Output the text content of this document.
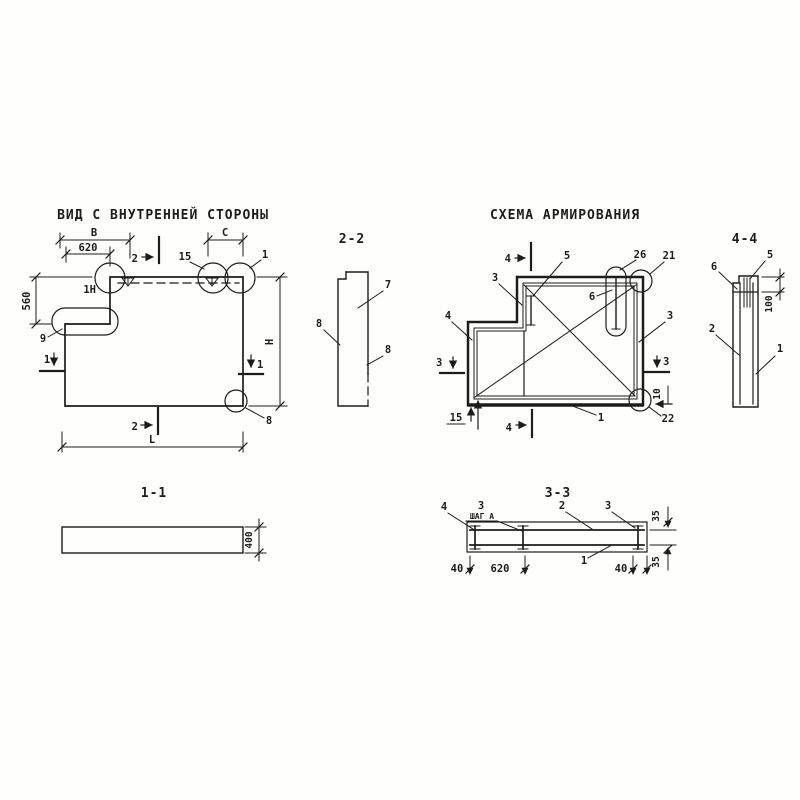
ВИД С ВНУТРЕННЕЙ СТОРОНЫ
В
620
С
560
Н
L
2
2
1	1
1Н
15	1
8
9
2-2
7
8
8
СХЕМА АРМИРОВАНИЯ
3
4
5
6
26 21
3
1	22
15
10
4
4
3	3
4-4
100
6
5
2
1
1-1
400
3-3
4	3
ШАГ А
2	3
1
40	620	40
35
35
